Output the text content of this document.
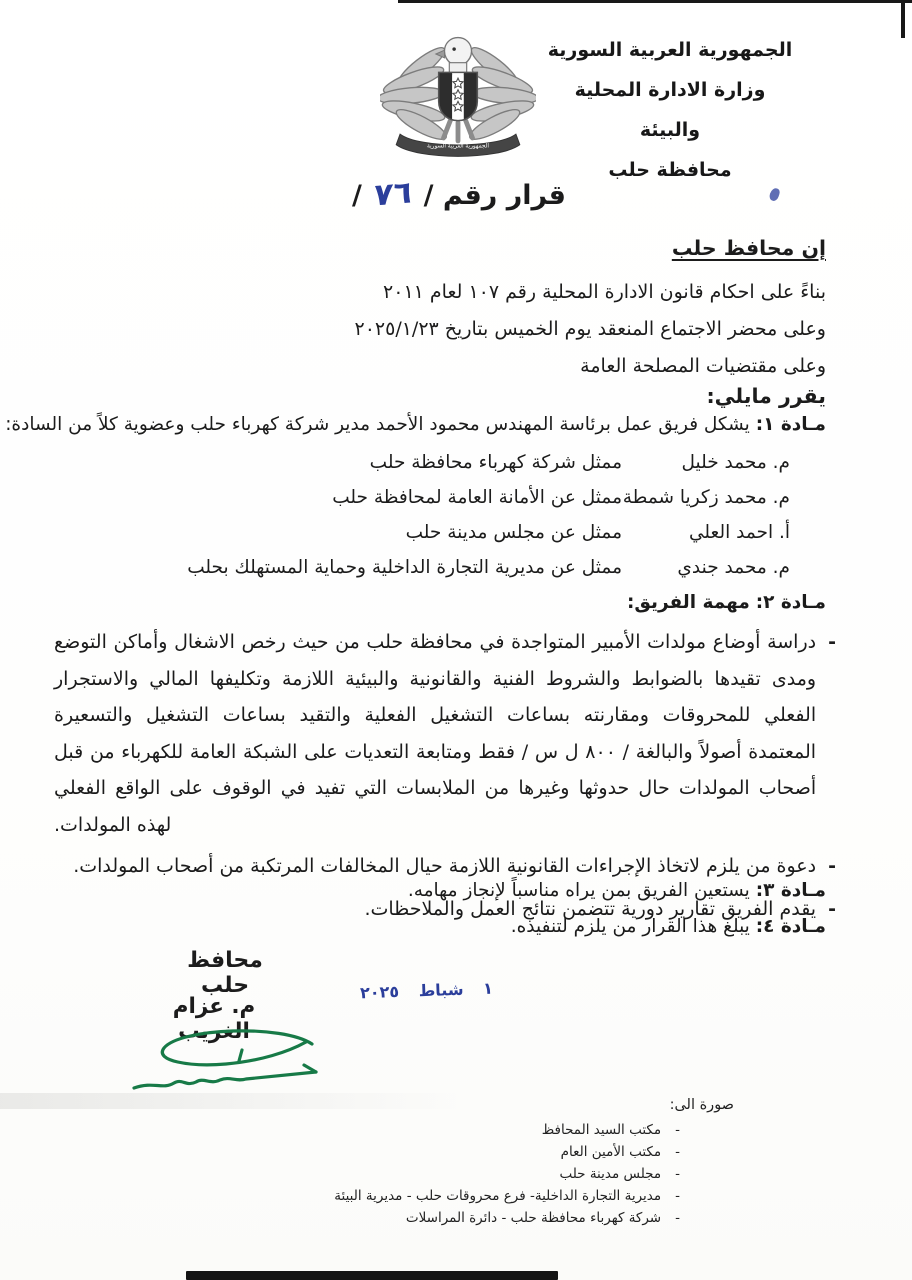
الجمهورية العربية السورية
وزارة الادارة المحلية والبيئة
محافظة حلب
الجمهورية العربية السورية
قرار رقم /٧٦/
إن محافظ حلب
بناءً على احكام قانون الادارة المحلية رقم ١٠٧ لعام ٢٠١١
وعلى محضر الاجتماع المنعقد يوم الخميس بتاريخ ٢٠٢٥/١/٢٣
وعلى مقتضيات المصلحة العامة
يقرر مايلي:
مـادة ١: يشكل فريق عمل برئاسة المهندس محمود الأحمد مدير شركة كهرباء حلب وعضوية كلاً من السادة:
م. محمد خليل
ممثل شركة كهرباء محافظة حلب
م. محمد زكريا شمطة
ممثل عن الأمانة العامة لمحافظة حلب
أ. احمد العلي
ممثل عن مجلس مدينة حلب
م. محمد جندي
ممثل عن مديرية التجارة الداخلية وحماية المستهلك بحلب
مـادة ٢: مهمة الفريق:
-
دراسة أوضاع مولدات الأمبير المتواجدة في محافظة حلب من حيث رخص الاشغال وأماكن التوضع ومدى تقيدها بالضوابط والشروط الفنية والقانونية والبيئية اللازمة وتكليفها المالي والاستجرار الفعلي للمحروقات ومقارنته بساعات التشغيل الفعلية والتقيد بساعات التشغيل والتسعيرة المعتمدة أصولاً والبالغة / ٨٠٠ ل س / فقط ومتابعة التعديات على الشبكة العامة للكهرباء من قبل أصحاب المولدات حال حدوثها وغيرها من الملابسات التي تفيد في الوقوف على الواقع الفعلي لهذه المولدات.
-
دعوة من يلزم لاتخاذ الإجراءات القانونية اللازمة حيال المخالفات المرتكبة من أصحاب المولدات.
-
يقدم الفريق تقارير دورية تتضمن نتائج العمل والملاحظات.
مـادة ٣: يستعين الفريق بمن يراه مناسباً لإنجاز مهامه.
مـادة ٤: يبلغ هذا القرار من يلزم لتنفيذه.
محافظ حلب
م. عزام الغريب
١ شباط ٢٠٢٥
صورة الى:
-
مكتب السيد المحافظ
-
مكتب الأمين العام
-
مجلس مدينة حلب
-
مديرية التجارة الداخلية- فرع محروقات حلب - مديرية البيئة
-
شركة كهرباء محافظة حلب - دائرة المراسلات
